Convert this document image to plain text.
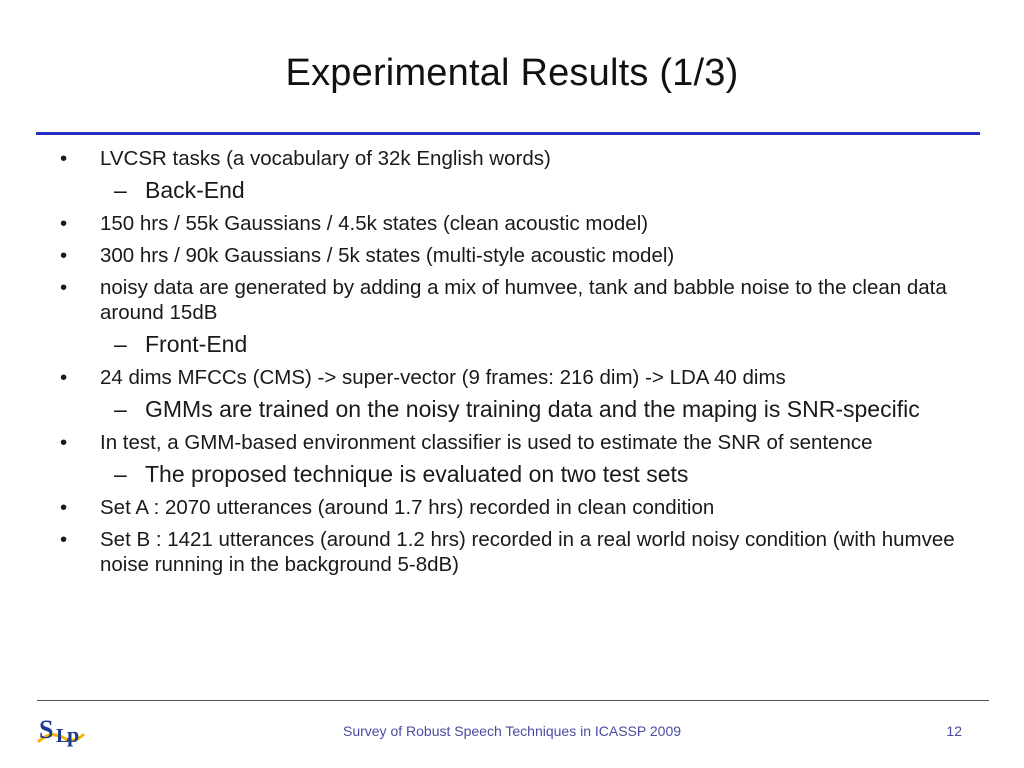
Experimental Results (1/3)
•	LVCSR tasks (a vocabulary of 32k English words)
– Back-End
•	150 hrs / 55k Gaussians / 4.5k states (clean acoustic model)
•	300 hrs / 90k Gaussians / 5k states (multi-style acoustic model)
•	noisy data are generated by adding a mix of humvee, tank and babble noise to the clean data around 15dB
– Front-End
•	24 dims MFCCs (CMS) -> super-vector (9 frames: 216 dim) -> LDA 40 dims
– GMMs are trained on the noisy training data and the maping is SNR-specific
•	In test, a GMM-based environment classifier is used to estimate the SNR of sentence
– The proposed technique is evaluated on two test sets
•	Set A : 2070 utterances (around 1.7 hrs) recorded in clean condition
•	Set B : 1421 utterances (around 1.2 hrs) recorded in a real world noisy condition (with humvee noise running in the background 5-8dB)
S L
p	Survey of Robust Speech Techniques in ICASSP 2009	12
